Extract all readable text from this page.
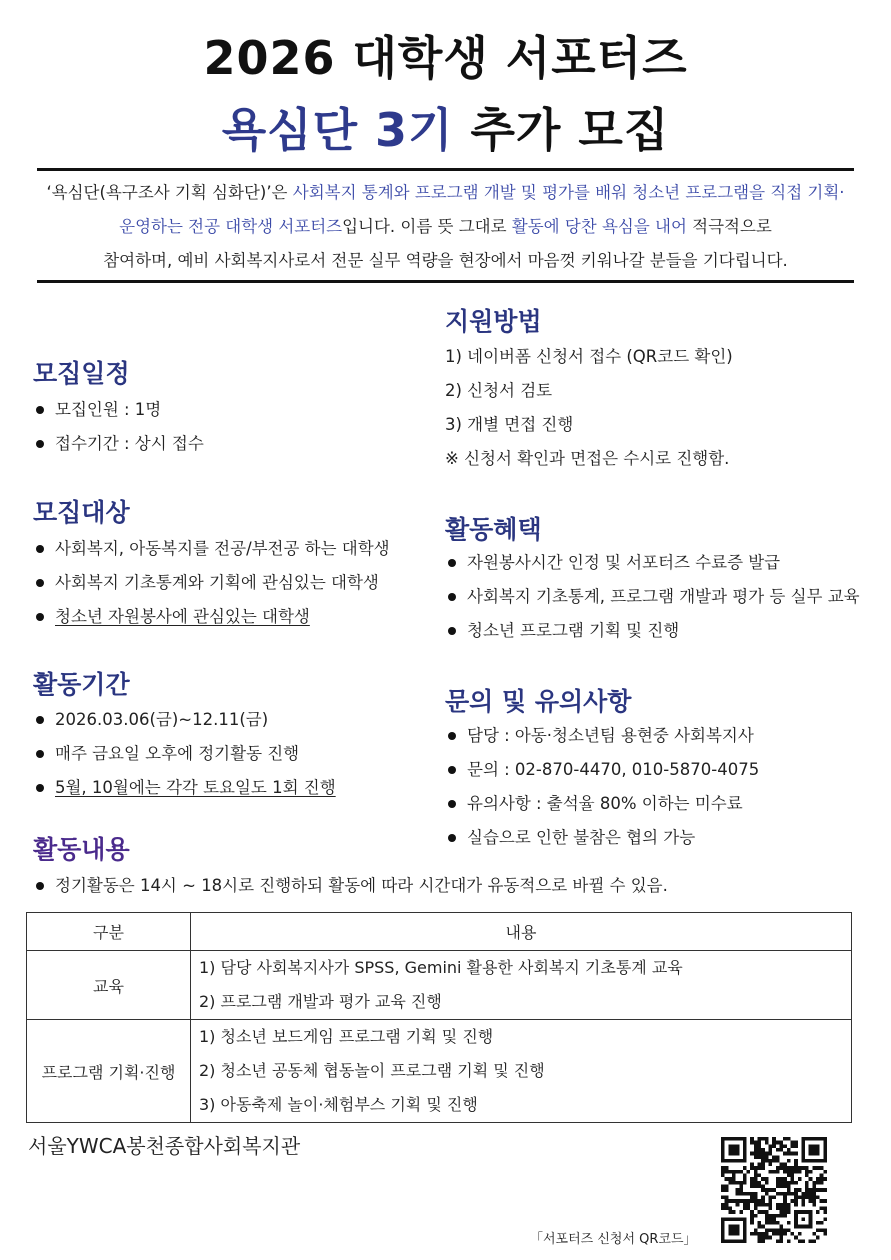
2026 대학생 서포터즈
욕심단 3기 추가 모집
‘욕심단(욕구조사 기획 심화단)’은 사회복지 통계와 프로그램 개발 및 평가를 배워 청소년 프로그램을 직접 기획·
운영하는 전공 대학생 서포터즈입니다. 이름 뜻 그대로 활동에 당찬 욕심을 내어 적극적으로
참여하며, 예비 사회복지사로서 전문 실무 역량을 현장에서 마음껏 키워나갈 분들을 기다립니다.
모집일정
모집인원 : 1명
접수기간 : 상시 접수
모집대상
사회복지, 아동복지를 전공/부전공 하는 대학생
사회복지 기초통계와 기획에 관심있는 대학생
청소년 자원봉사에 관심있는 대학생
활동기간
2026.03.06(금)~12.11(금)
매주 금요일 오후에 정기활동 진행
5월, 10월에는 각각 토요일도 1회 진행
지원방법
1) 네이버폼 신청서 접수 (QR코드 확인)
2) 신청서 검토
3) 개별 면접 진행
※ 신청서 확인과 면접은 수시로 진행함.
활동혜택
자원봉사시간 인정 및 서포터즈 수료증 발급
사회복지 기초통계, 프로그램 개발과 평가 등 실무 교육
청소년 프로그램 기획 및 진행
문의 및 유의사항
담당 : 아동·청소년팀 용현중 사회복지사
문의 : 02-870-4470, 010-5870-4075
유의사항 : 출석율 80% 이하는 미수료
실습으로 인한 불참은 협의 가능
활동내용
정기활동은 14시 ~ 18시로 진행하되 활동에 따라 시간대가 유동적으로 바뀔 수 있음.
구분	내용
교육	1) 담당 사회복지사가 SPSS, Gemini 활용한 사회복지 기초통계 교육
2) 프로그램 개발과 평가 교육 진행

프로그램 기획·진행	1) 청소년 보드게임 프로그램 기획 및 진행
2) 청소년 공동체 협동놀이 프로그램 기획 및 진행
3) 아동축제 놀이·체험부스 기획 및 진행
서울YWCA봉천종합사회복지관
「서포터즈 신청서 QR코드」
